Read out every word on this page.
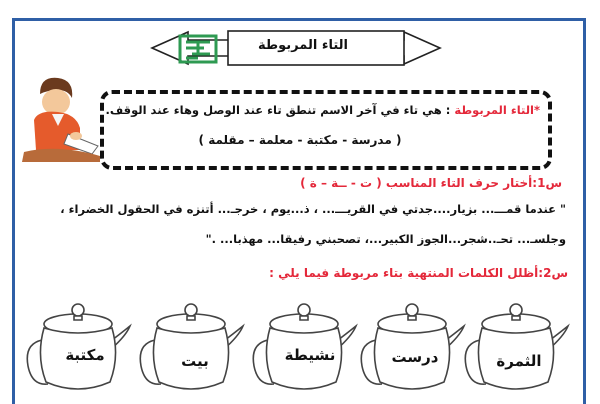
التاء المربوطة
*التاء المربوطة : هي تاء في آخر الاسم تنطق تاء عند الوصل وهاء عند الوقف.
( مدرسة - مكتبة - معلمة – مقلمة )
س1:أختار حرف التاء المناسب ( ت - ــة – ة )
" عندما قمـــ... بزيار....جدتي في القريـــ... ، ذ...يوم ، خرجـ... أتنزه في الحقول الخضراء ،
وجلسـ... تحـ..شجر...الجوز الكبير...، تصحبني رفيقا... مهذبا... ."
س2:أظلل الكلمات المنتهية بتاء مربوطة فيما يلي :
مكتبة	بيت	نشيطة	درست	الثمرة
